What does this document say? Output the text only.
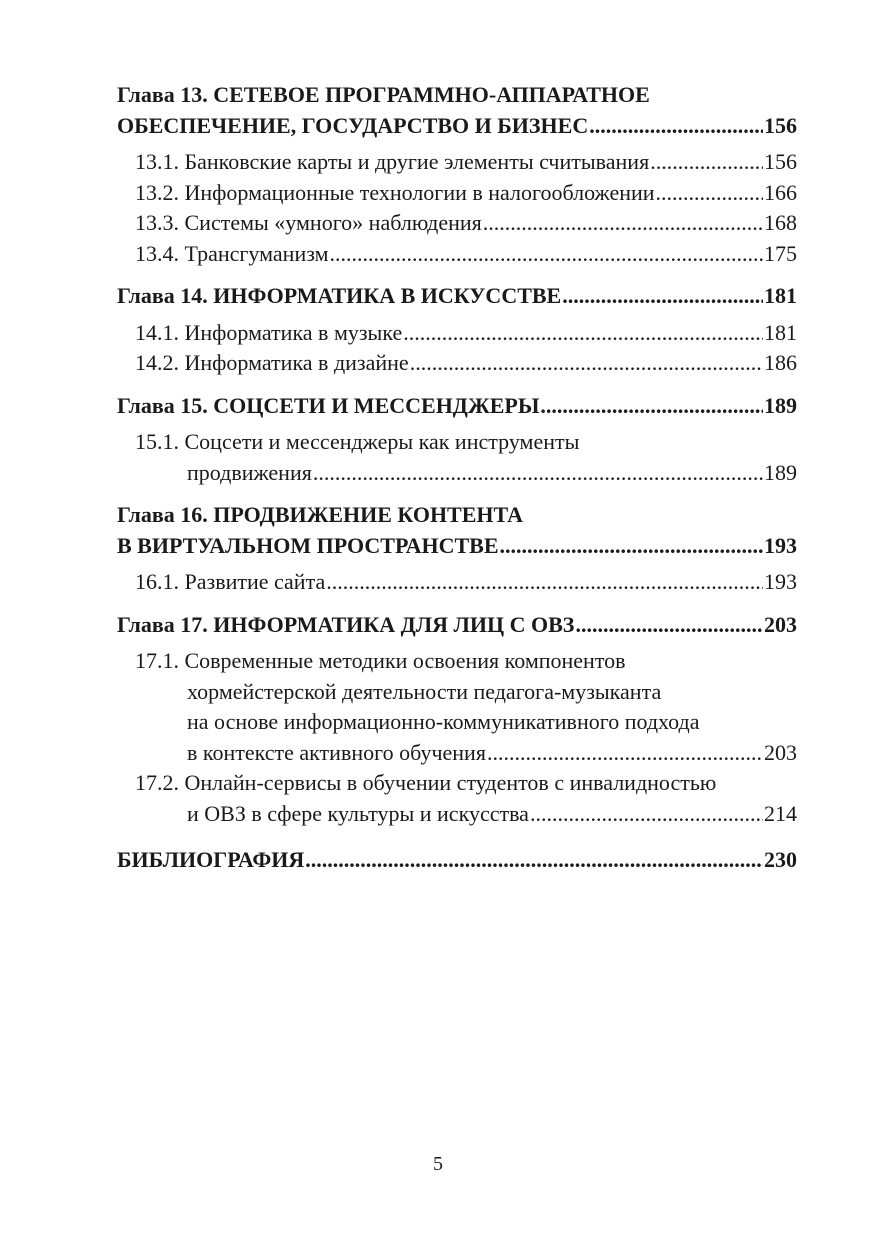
Глава 13. СЕТЕВОЕ ПРОГРАММНО-АППАРАТНОЕ
ОБЕСПЕЧЕНИЕ, ГОСУДАРСТВО И БИЗНЕС .....	156
13.1. Банковские карты и другие элементы считывания .....	156
13.2. Информационные технологии в налогообложении .....	166
13.3. Системы «умного» наблюдения .....	168
13.4. Трансгуманизм .....	175
Глава 14. ИНФОРМАТИКА В ИСКУССТВЕ .....	181
14.1. Информатика в музыке .....	181
14.2. Информатика в дизайне .....	186
Глава 15. СОЦСЕТИ И МЕССЕНДЖЕРЫ .....	189
15.1. Соцсети и мессенджеры как инструменты
продвижения .....	189
Глава 16. ПРОДВИЖЕНИЕ КОНТЕНТА
В ВИРТУАЛЬНОМ ПРОСТРАНСТВЕ .....	193
16.1. Развитие сайта .....	193
Глава 17. ИНФОРМАТИКА ДЛЯ ЛИЦ С ОВЗ .....	203
17.1. Современные методики освоения компонентов
хормейстерской деятельности педагога-музыканта
на основе информационно-коммуникативного подхода
в контексте активного обучения .....	203
17.2. Онлайн-сервисы в обучении студентов с инвалидностью
и ОВЗ в сфере культуры и искусства .....	214
БИБЛИОГРАФИЯ .....	230
5
